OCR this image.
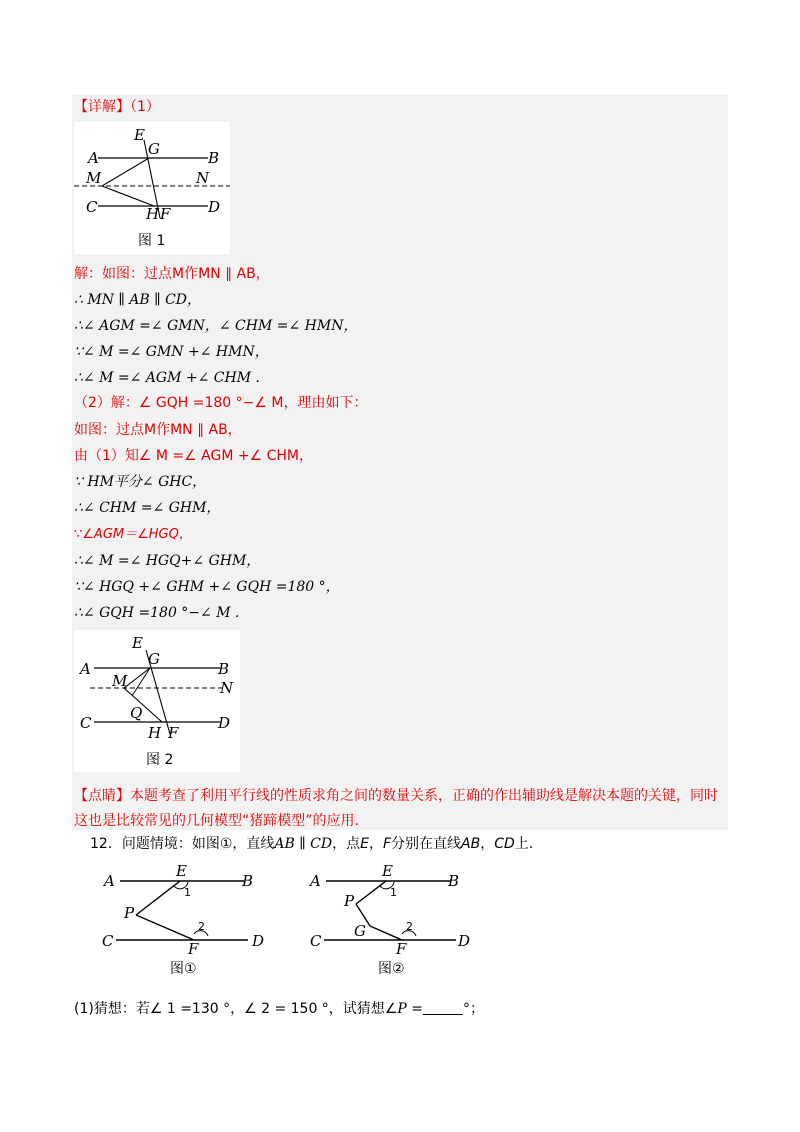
【详解】（1）
A	B
C	D
E
G
M	N
H F
图 1
解：如图：过点M作MN ∥ AB，
∴ MN ∥ AB ∥ CD，
∴∠ AGM =∠ GMN，∠ CHM =∠ HMN，
∵∠ M =∠ GMN +∠ HMN，
∴∠ M =∠ AGM +∠ CHM .
（2）解：∠ GQH =180 °−∠ M，理由如下：
如图：过点M作MN ∥ AB，
由（1）知∠ M =∠ AGM +∠ CHM，
∵ HM平分∠ GHC，
∴∠ CHM =∠ GHM，
∵∠AGM＝∠HGQ，
∴∠ M =∠ HGQ+∠ GHM，
∵∠ HGQ +∠ GHM +∠ GQH =180 °，
∴∠ GQH =180 °−∠ M .
A	B
C	D
E
G
M	N
Q
H F
图 2
【点睛】本题考查了利用平行线的性质求角之间的数量关系，正确的作出辅助线是解决本题的关键，同时
这也是比较常见的几何模型“猪蹄模型”的应用.
12．问题情境：如图①，直线AB ∥ CD，点E，F分别在直线AB，CD上.
A	B
C	D
E
F
P
1
2
图①
A	B
C	D
E
F
P
G
1
2
图②
(1)猜想：若∠ 1 =130 °，∠ 2 = 150 °，试猜想∠P =	°；
